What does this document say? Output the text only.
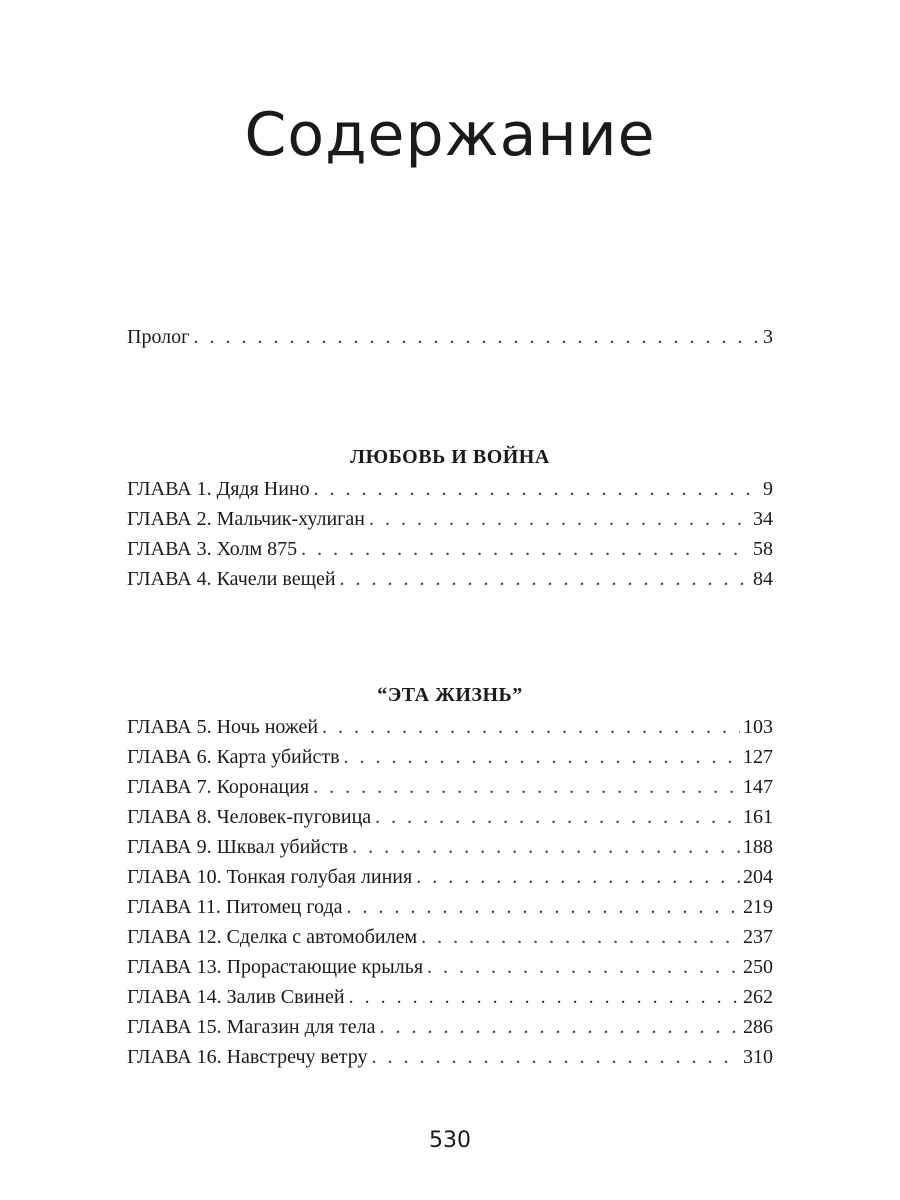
Содержание
Пролог . . .	3
ЛЮБОВЬ И ВОЙНА
ГЛАВА 1. Дядя Нино . . .	9
ГЛАВА 2. Мальчик-хулиган . . .	34
ГЛАВА 3. Холм 875 . . .	58
ГЛАВА 4. Качели вещей . . .	84
“ЭТА ЖИЗНЬ”
ГЛАВА 5. Ночь ножей . . .	103
ГЛАВА 6. Карта убийств . . .	127
ГЛАВА 7. Коронация . . .	147
ГЛАВА 8. Человек-пуговица . . .	161
ГЛАВА 9. Шквал убийств . . .	188
ГЛАВА 10. Тонкая голубая линия . . .	204
ГЛАВА 11. Питомец года . . .	219
ГЛАВА 12. Сделка с автомобилем . . .	237
ГЛАВА 13. Прорастающие крылья . . .	250
ГЛАВА 14. Залив Свиней . . .	262
ГЛАВА 15. Магазин для тела . . .	286
ГЛАВА 16. Навстречу ветру . . .	310
530
